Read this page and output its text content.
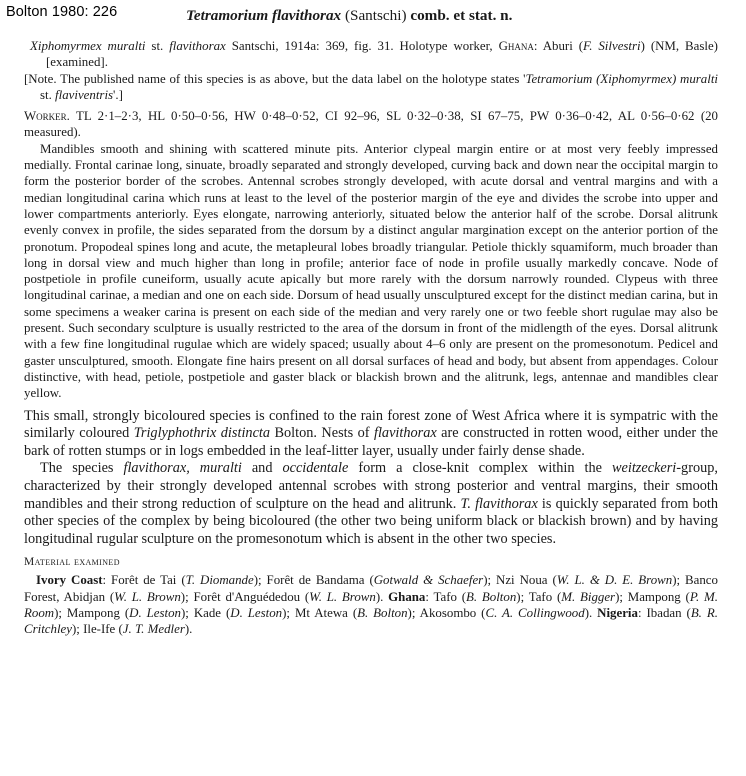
Bolton 1980: 226	Tetramorium flavithorax (Santschi) comb. et stat. n.

Xiphomyrmex muralti st. flavithorax Santschi, 1914a: 369, fig. 31. Holotype worker, Ghana: Aburi (F. Silvestri) (NM, Basle) [examined].

[Note. The published name of this species is as above, but the data label on the holotype states 'Tetramorium (Xiphomyrmex) muralti st. flaviventris'.]

Worker. TL 2·1–2·3, HL 0·50–0·56, HW 0·48–0·52, CI 92–96, SL 0·32–0·38, SI 67–75, PW 0·36–0·42, AL 0·56–0·62 (20 measured).

Mandibles smooth and shining with scattered minute pits. Anterior clypeal margin entire or at most very feebly impressed medially. Frontal carinae long, sinuate, broadly separated and strongly developed, curving back and down near the occipital margin to form the posterior border of the scrobes. Antennal scrobes strongly developed, with acute dorsal and ventral margins and with a median longitudinal carina which runs at least to the level of the posterior margin of the eye and divides the scrobe into upper and lower compartments anteriorly. Eyes elongate, narrowing anteriorly, situated below the anterior half of the scrobe. Dorsal alitrunk evenly convex in profile, the sides separated from the dorsum by a distinct angular margination except on the anterior portion of the pronotum. Propodeal spines long and acute, the metapleural lobes broadly triangular. Petiole thickly squamiform, much broader than long in dorsal view and much higher than long in profile; anterior face of node in profile usually markedly concave. Node of postpetiole in profile cuneiform, usually acute apically but more rarely with the dorsum narrowly rounded. Clypeus with three longitudinal carinae, a median and one on each side. Dorsum of head usually unsculptured except for the distinct median carina, but in some specimens a weaker carina is present on each side of the median and very rarely one or two feeble short rugulae may also be present. Such secondary sculpture is usually restricted to the area of the dorsum in front of the midlength of the eyes. Dorsal alitrunk with a few fine longitudinal rugulae which are widely spaced; usually about 4–6 only are present on the promesonotum. Pedicel and gaster unsculptured, smooth. Elongate fine hairs present on all dorsal surfaces of head and body, but absent from appendages. Colour distinctive, with head, petiole, postpetiole and gaster black or blackish brown and the alitrunk, legs, antennae and mandibles clear yellow.

This small, strongly bicoloured species is confined to the rain forest zone of West Africa where it is sympatric with the similarly coloured Triglyphothrix distincta Bolton. Nests of flavithorax are constructed in rotten wood, either under the bark of rotten stumps or in logs embedded in the leaf-litter layer, usually under fairly dense shade.

The species flavithorax, muralti and occidentale form a close-knit complex within the weitzeckeri-group, characterized by their strongly developed antennal scrobes with strong posterior and ventral margins, their smooth mandibles and their strong reduction of sculpture on the head and alitrunk. T. flavithorax is quickly separated from both other species of the complex by being bicoloured (the other two being uniform black or blackish brown) and by having longitudinal rugular sculpture on the promesonotum which is absent in the other two species.

Material examined

Ivory Coast: Forêt de Tai (T. Diomande); Forêt de Bandama (Gotwald & Schaefer); Nzi Noua (W. L. & D. E. Brown); Banco Forest, Abidjan (W. L. Brown); Forêt d'Anguédedou (W. L. Brown). Ghana: Tafo (B. Bolton); Tafo (M. Bigger); Mampong (P. M. Room); Mampong (D. Leston); Kade (D. Leston); Mt Atewa (B. Bolton); Akosombo (C. A. Collingwood). Nigeria: Ibadan (B. R. Critchley); Ile-Ife (J. T. Medler).
